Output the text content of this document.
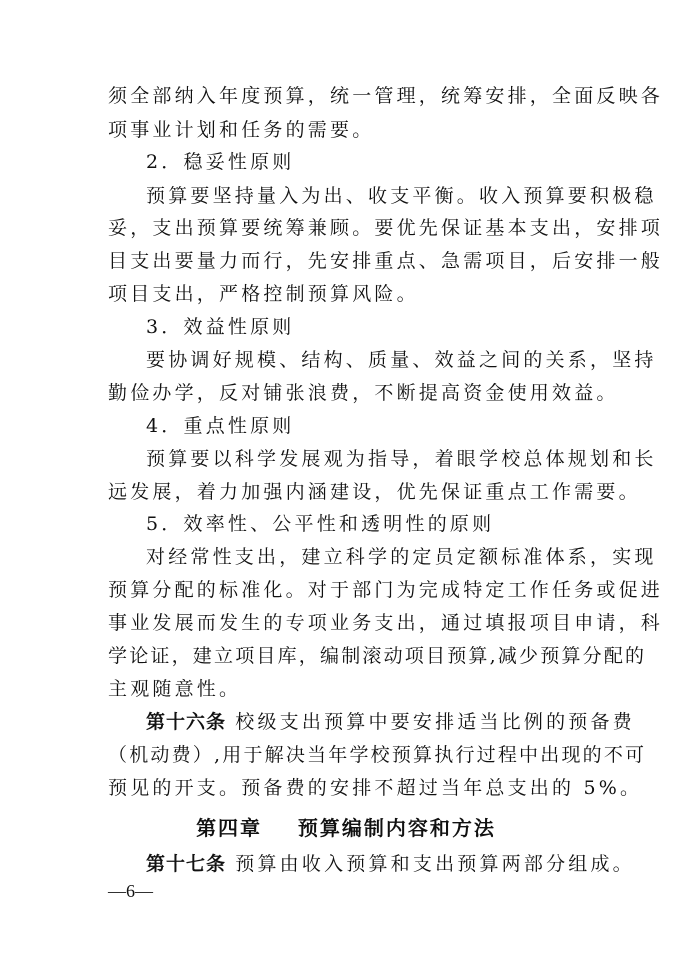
须全部纳入年度预算，统一管理，统筹安排，全面反映各
项事业计划和任务的需要。
2．稳妥性原则
预算要坚持量入为出、收支平衡。收入预算要积极稳
妥，支出预算要统筹兼顾。要优先保证基本支出，安排项
目支出要量力而行，先安排重点、急需项目，后安排一般
项目支出，严格控制预算风险。
3．效益性原则
要协调好规模、结构、质量、效益之间的关系，坚持
勤俭办学，反对铺张浪费，不断提高资金使用效益。
4．重点性原则
预算要以科学发展观为指导，着眼学校总体规划和长
远发展，着力加强内涵建设，优先保证重点工作需要。
5．效率性、公平性和透明性的原则
对经常性支出，建立科学的定员定额标准体系，实现
预算分配的标准化。对于部门为完成特定工作任务或促进
事业发展而发生的专项业务支出，通过填报项目申请，科
学论证，建立项目库，编制滚动项目预算,减少预算分配的
主观随意性。
第十六条 校级支出预算中要安排适当比例的预备费
（机动费）,用于解决当年学校预算执行过程中出现的不可
预见的开支。预备费的安排不超过当年总支出的 5%。
第四章    预算编制内容和方法
第十七条 预算由收入预算和支出预算两部分组成。
—6—
